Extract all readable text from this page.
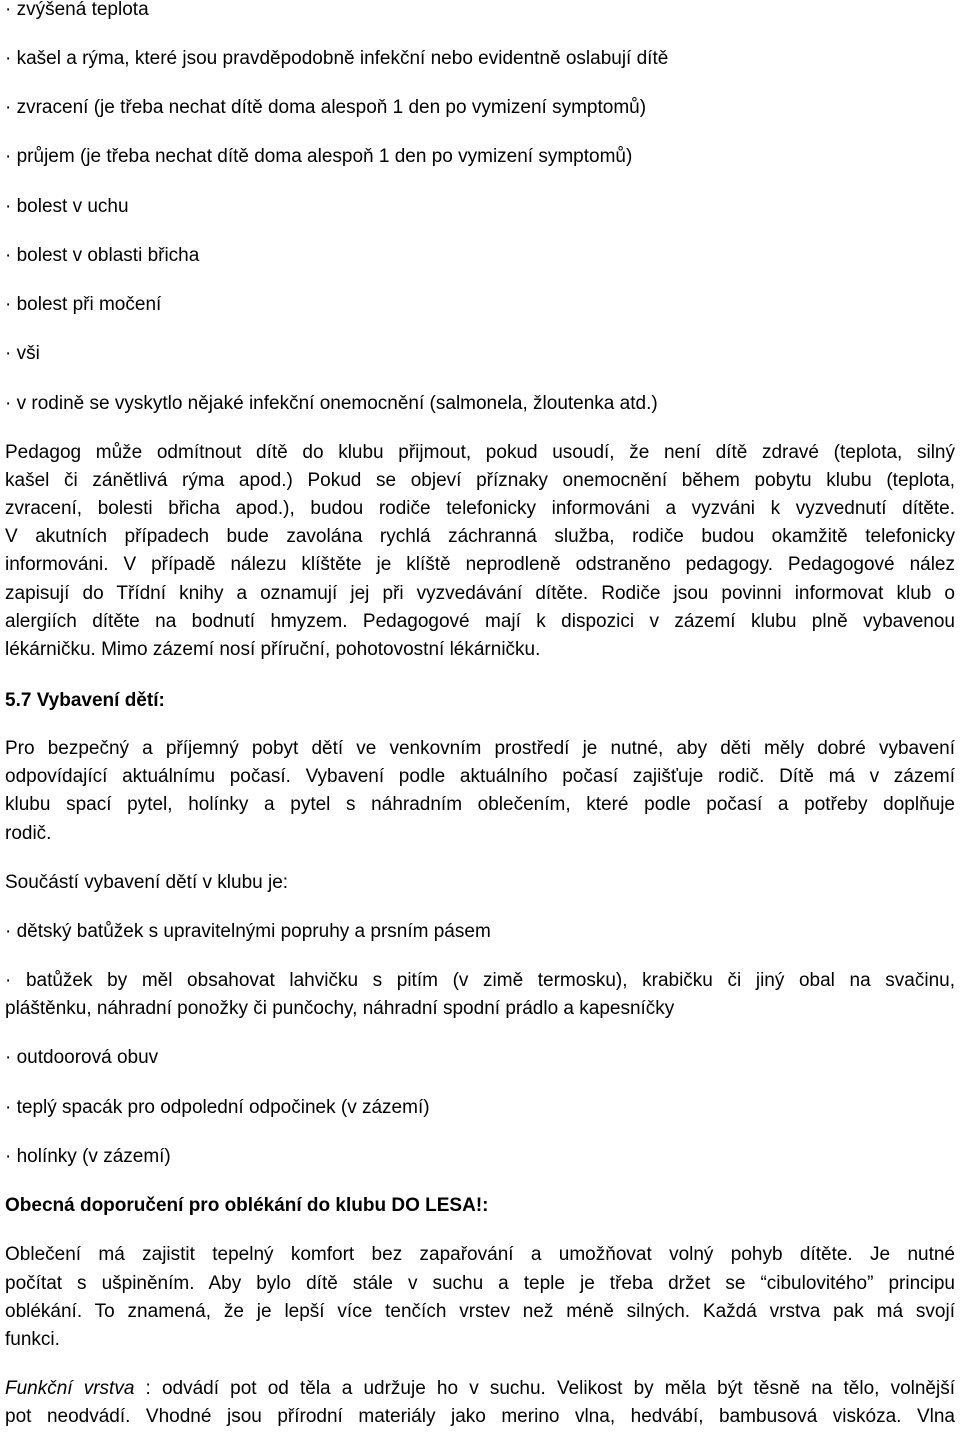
· zvýšená teplota

· kašel a rýma, které jsou pravděpodobně infekční nebo evidentně oslabují dítě

· zvracení (je třeba nechat dítě doma alespoň 1 den po vymizení symptomů)

· průjem (je třeba nechat dítě doma alespoň 1 den po vymizení symptomů)

· bolest v uchu

· bolest v oblasti břicha

· bolest při močení

· vši

· v rodině se vyskytlo nějaké infekční onemocnění (salmonela, žloutenka atd.)

Pedagog může odmítnout dítě do klubu přijmout, pokud usoudí, že není dítě zdravé (teplota, silný

kašel či zánětlivá rýma apod.) Pokud se objeví příznaky onemocnění během pobytu klubu (teplota,

zvracení, bolesti břicha apod.), budou rodiče telefonicky informováni a vyzváni k vyzvednutí dítěte.

V akutních případech bude zavolána rychlá záchranná služba, rodiče budou okamžitě telefonicky

informováni. V případě nálezu klíštěte je klíště neprodleně odstraněno pedagogy. Pedagogové nález

zapisují do Třídní knihy a oznamují jej při vyzvedávání dítěte. Rodiče jsou povinni informovat klub o

alergiích dítěte na bodnutí hmyzem. Pedagogové mají k dispozici v zázemí klubu plně vybavenou

lékárničku. Mimo zázemí nosí příruční, pohotovostní lékárničku.

5.7 Vybavení dětí:

Pro bezpečný a příjemný pobyt dětí ve venkovním prostředí je nutné, aby děti měly dobré vybavení

odpovídající aktuálnímu počasí. Vybavení podle aktuálního počasí zajišťuje rodič. Dítě má v zázemí

klubu spací pytel, holínky a pytel s náhradním oblečením, které podle počasí a potřeby doplňuje

rodič.

Součástí vybavení dětí v klubu je:

· dětský batůžek s upravitelnými popruhy a prsním pásem

· batůžek by měl obsahovat lahvičku s pitím (v zimě termosku), krabičku či jiný obal na svačinu,

pláštěnku, náhradní ponožky či punčochy, náhradní spodní prádlo a kapesníčky

· outdoorová obuv

· teplý spacák pro odpolední odpočinek (v zázemí)

· holínky (v zázemí)

Obecná doporučení pro oblékání do klubu DO LESA!:

Oblečení má zajistit tepelný komfort bez zapařování a umožňovat volný pohyb dítěte. Je nutné

počítat s ušpiněním. Aby bylo dítě stále v suchu a teple je třeba držet se “cibulovitého” principu

oblékání. To znamená, že je lepší více tenčích vrstev než méně silných. Každá vrstva pak má svojí

funkci.

Funkční vrstva : odvádí pot od těla a udržuje ho v suchu. Velikost by měla být těsně na tělo, volnější

pot neodvádí. Vhodné jsou přírodní materiály jako merino vlna, hedvábí, bambusová viskóza. Vlna
